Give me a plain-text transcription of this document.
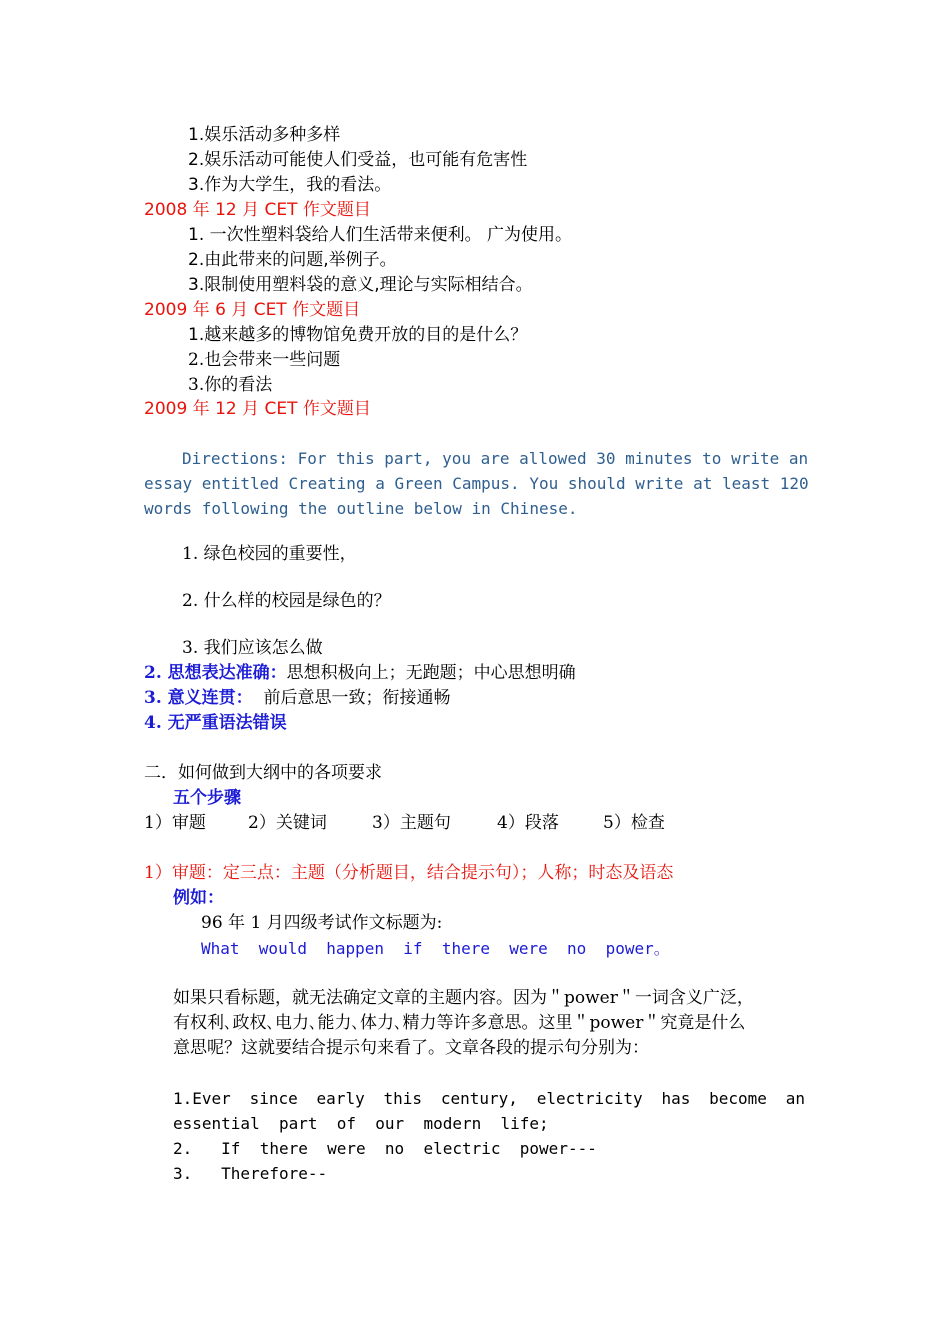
1.娱乐活动多种多样
2.娱乐活动可能使人们受益，也可能有危害性
3.作为大学生，我的看法。
2008 年 12 月 CET 作文题目
1. 一次性塑料袋给人们生活带来便利。 广为使用。
2.由此带来的问题,举例子。
3.限制使用塑料袋的意义,理论与实际相结合。
2009 年 6 月 CET 作文题目
1.越来越多的博物馆免费开放的目的是什么？
2.也会带来一些问题
3.你的看法
2009 年 12 月 CET 作文题目
Directions: For this part, you are allowed 30 minutes to write an
essay entitled Creating a Green Campus. You should write at least 120
words following the outline below in Chinese.
1. 绿色校园的重要性，
2. 什么样的校园是绿色的？
3. 我们应该怎么做
2. 思想表达准确：思想积极向上；无跑题；中心思想明确
3. 意义连贯：  前后意思一致；衔接通畅
4. 无严重语法错误
二．如何做到大纲中的各项要求
五个步骤
1）审题 2）关键词	3）主题句	4）段落	5）检查
1）审题：定三点：主题（分析题目，结合提示句）；人称；时态及语态
例如：
96 年 1 月四级考试作文标题为:
What  would  happen  if  there  were  no  power。
如果只看标题，就无法确定文章的主题内容。因为＂power＂一词含义广泛，
有权利､政权､电力､能力､体力､精力等许多意思。这里＂power＂究竟是什么
意思呢？这就要结合提示句来看了。文章各段的提示句分别为：
1.Ever since early this century, electricity has become an
essential  part  of  our  modern  life;
2.   If  there  were  no  electric  power---
3.   Therefore--
